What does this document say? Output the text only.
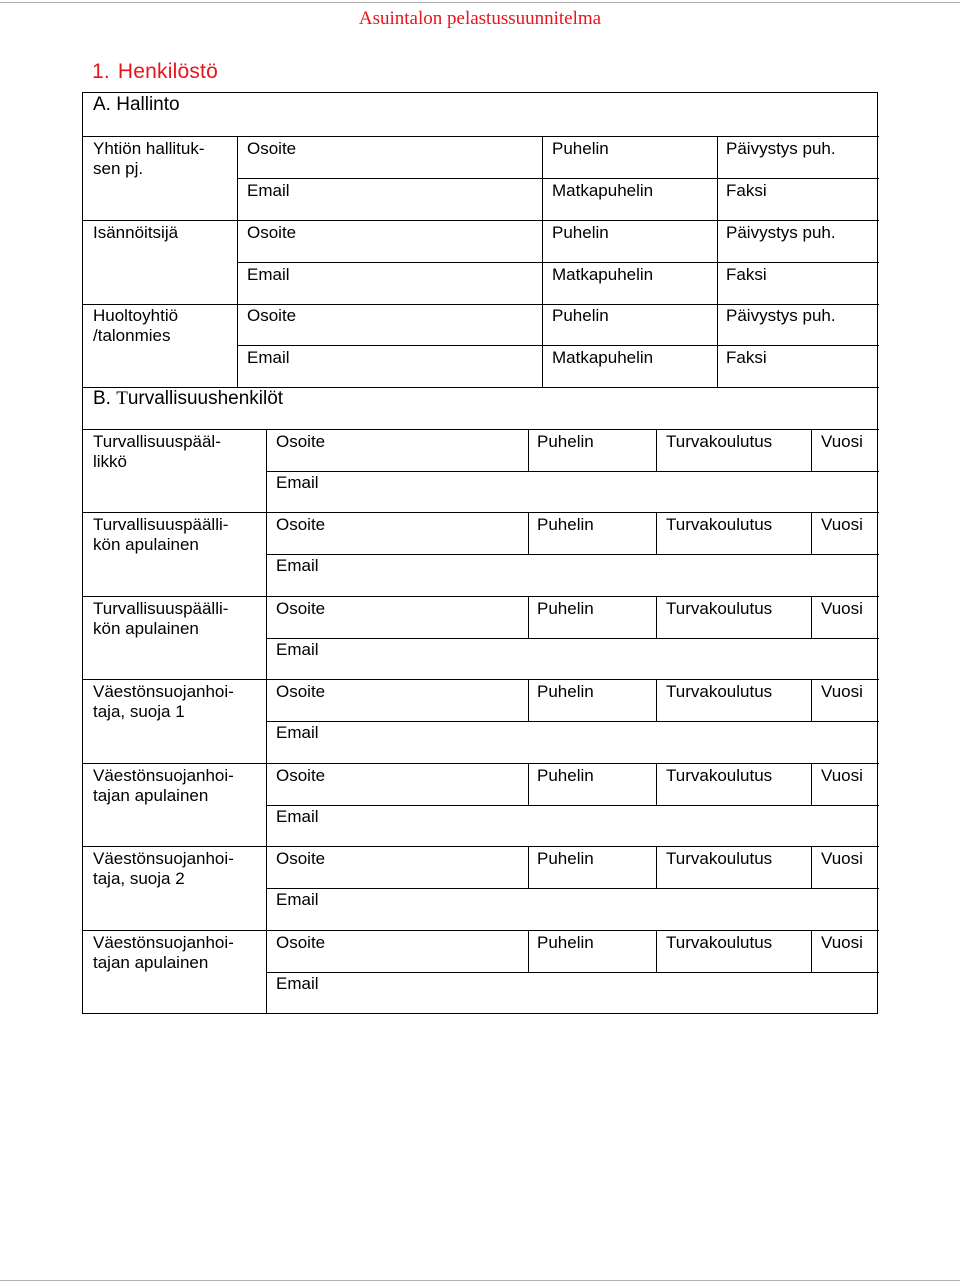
Asuintalon pelastussuunnitelma
1. Henkilöstö
A. Hallinto
Yhtiön hallituk-
sen pj.
Osoite	Puhelin	Päivystys puh.
Email	Matkapuhelin	Faksi
Isännöitsijä	Osoite	Puhelin	Päivystys puh.
Email	Matkapuhelin	Faksi
Huoltoyhtiö
/talonmies
Osoite	Puhelin	Päivystys puh.
Email	Matkapuhelin	Faksi
B. Turvallisuushenkilöt
Turvallisuuspääl-
likkö
Osoite	Puhelin	Turvakoulutus	Vuosi
Email
Turvallisuuspäälli-
kön apulainen
Osoite	Puhelin	Turvakoulutus	Vuosi
Email
Turvallisuuspäälli-
kön apulainen
Osoite	Puhelin	Turvakoulutus	Vuosi
Email
Väestönsuojanhoi-
taja, suoja 1
Osoite	Puhelin	Turvakoulutus	Vuosi
Email
Väestönsuojanhoi-
tajan apulainen
Osoite	Puhelin	Turvakoulutus	Vuosi
Email
Väestönsuojanhoi-
taja, suoja 2
Osoite	Puhelin	Turvakoulutus	Vuosi
Email
Väestönsuojanhoi-
tajan apulainen
Osoite	Puhelin	Turvakoulutus	Vuosi
Email
